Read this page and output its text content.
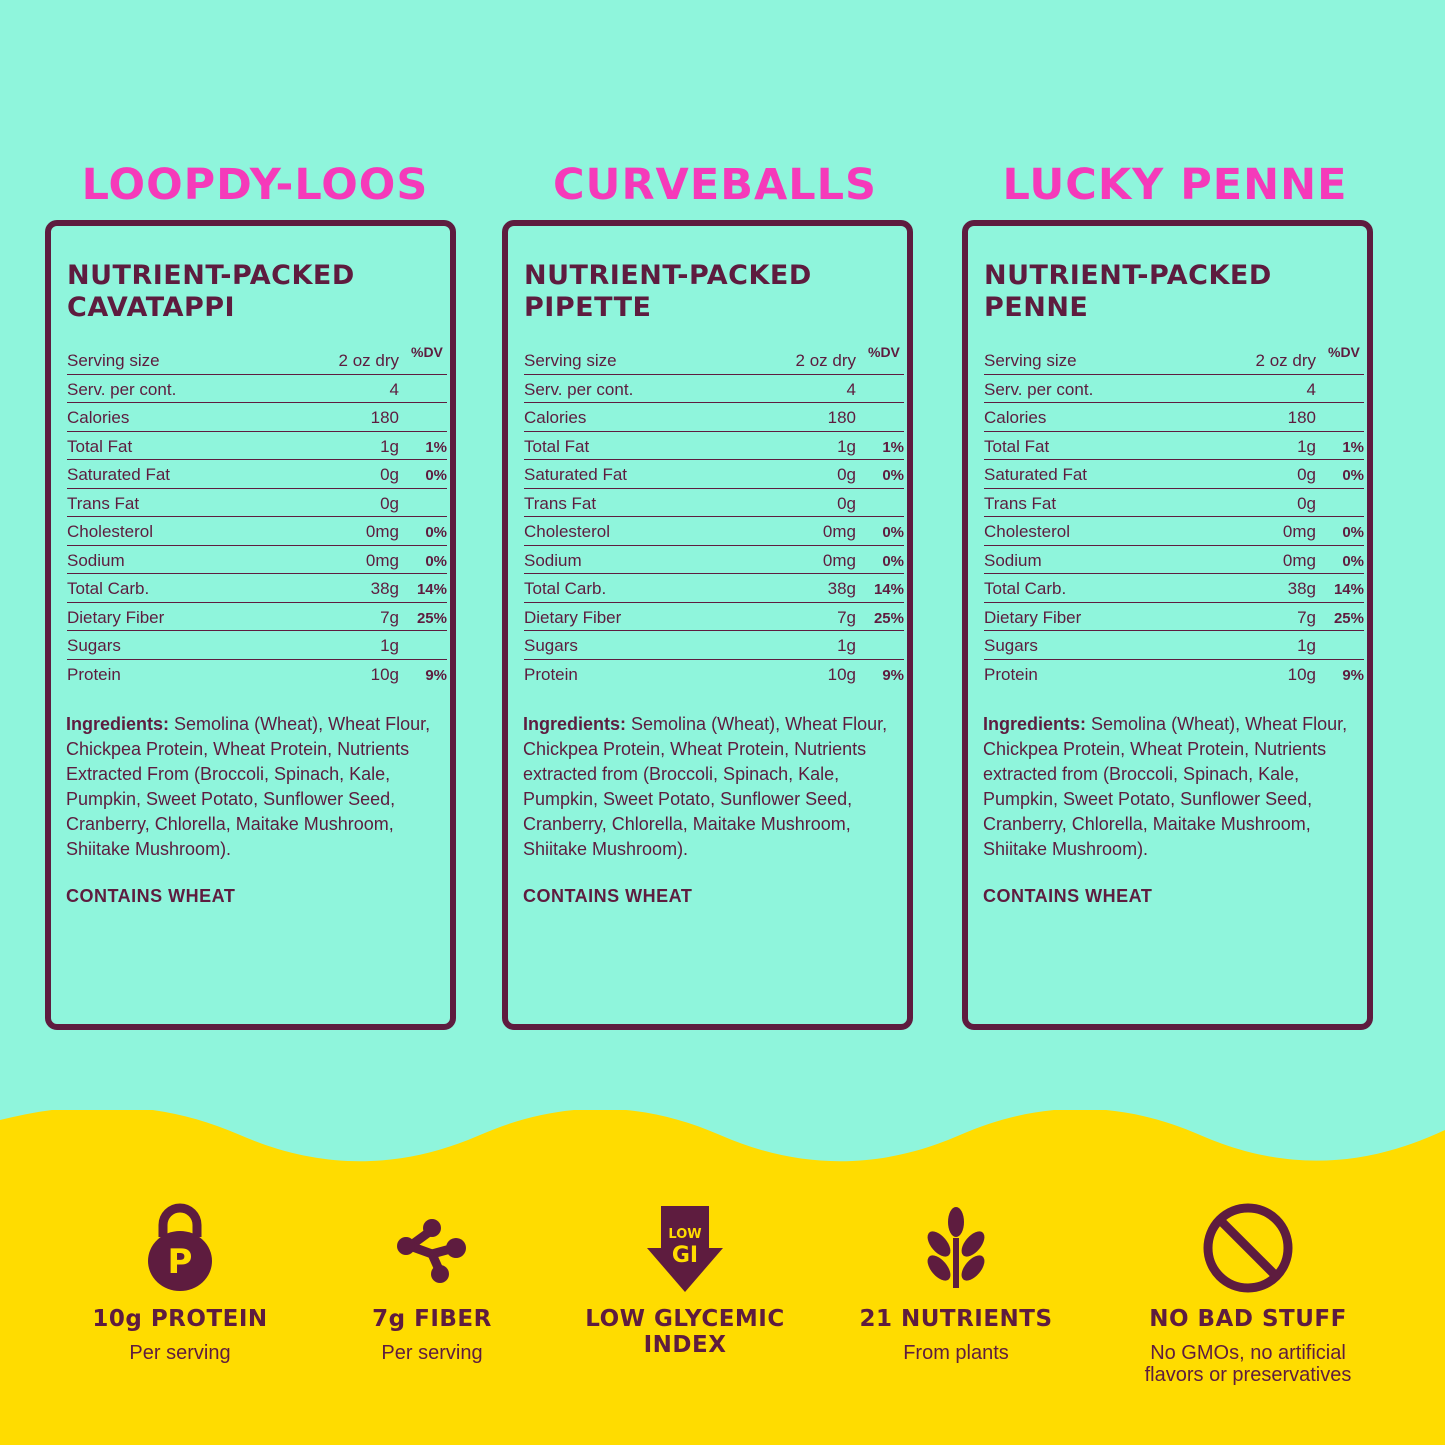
LOOPDY-LOOS	CURVEBALLS	LUCKY PENNE
NUTRIENT-PACKED
CAVATAPPI
%DV
Serving size	2 oz dry
Serv. per cont.	4
Calories	180
Total Fat	1g 1%
Saturated Fat	0g 0%
Trans Fat	0g
Cholesterol	0mg 0%
Sodium	0mg 0%
Total Carb.	38g 14%
Dietary Fiber	7g 25%
Sugars	1g
Protein	10g 9%
Ingredients: Semolina (Wheat), Wheat Flour, Chickpea Protein, Wheat Protein, Nutrients Extracted From (Broccoli, Spinach, Kale, Pumpkin, Sweet Potato, Sunflower Seed, Cranberry, Chlorella, Maitake Mushroom, Shiitake Mushroom).
CONTAINS WHEAT
NUTRIENT-PACKED
PIPETTE
%DV
Serving size	2 oz dry
Serv. per cont.	4
Calories	180
Total Fat	1g 1%
Saturated Fat	0g 0%
Trans Fat	0g
Cholesterol	0mg 0%
Sodium	0mg 0%
Total Carb.	38g 14%
Dietary Fiber	7g 25%
Sugars	1g
Protein	10g 9%
Ingredients: Semolina (Wheat), Wheat Flour, Chickpea Protein, Wheat Protein, Nutrients extracted from (Broccoli, Spinach, Kale, Pumpkin, Sweet Potato, Sunflower Seed, Cranberry, Chlorella, Maitake Mushroom, Shiitake Mushroom).
CONTAINS WHEAT
NUTRIENT-PACKED
PENNE
%DV
Serving size	2 oz dry
Serv. per cont.	4
Calories	180
Total Fat	1g 1%
Saturated Fat	0g 0%
Trans Fat	0g
Cholesterol	0mg 0%
Sodium	0mg 0%
Total Carb.	38g 14%
Dietary Fiber	7g 25%
Sugars	1g
Protein	10g 9%
Ingredients: Semolina (Wheat), Wheat Flour, Chickpea Protein, Wheat Protein, Nutrients extracted from (Broccoli, Spinach, Kale, Pumpkin, Sweet Potato, Sunflower Seed, Cranberry, Chlorella, Maitake Mushroom, Shiitake Mushroom).
CONTAINS WHEAT
P
10g PROTEIN
Per serving
7g FIBER
Per serving
LOW
GI
LOW GLYCEMIC
INDEX
21 NUTRIENTS
From plants
NO BAD STUFF
No GMOs, no artificial
flavors or preservatives
